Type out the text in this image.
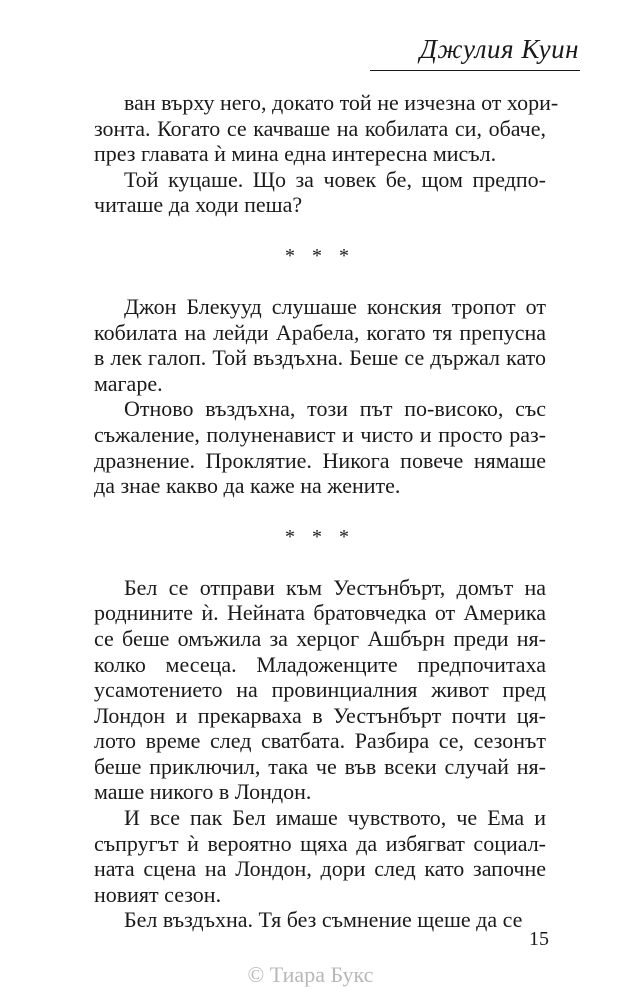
Джулия Куин

ван върху него, докато той не изчезна от хори-
зонта. Когато се качваше на кобилата си, обаче,
през главата ѝ мина една интересна мисъл.

Той куцаше. Що за човек бе, щом предпо-
читаше да ходи пеша?

* * *

Джон Блекууд слушаше конския тропот от
кобилата на лейди Арабела, когато тя препусна
в лек галоп. Той въздъхна. Беше се държал като
магаре.

Отново въздъхна, този път по-високо, със
съжаление, полуненавист и чисто и просто раз-
дразнение. Проклятие. Никога повече нямаше
да знае какво да каже на жените.

* * *

Бел се отправи към Уестънбърт, домът на
роднините ѝ. Нейната братовчедка от Америка
се беше омъжила за херцог Ашбърн преди ня-
колко месеца. Младоженците предпочитаха
усамотението на провинциалния живот пред
Лондон и прекарваха в Уестънбърт почти ця-
лото време след сватбата. Разбира се, сезонът
беше приключил, така че във всеки случай ня-
маше никого в Лондон.

И все пак Бел имаше чувството, че Ема и
съпругът ѝ вероятно щяха да избягват социал-
ната сцена на Лондон, дори след като започне
новият сезон.

Бел въздъхна. Тя без съмнение щеше да се

15
© Тиара Букс
